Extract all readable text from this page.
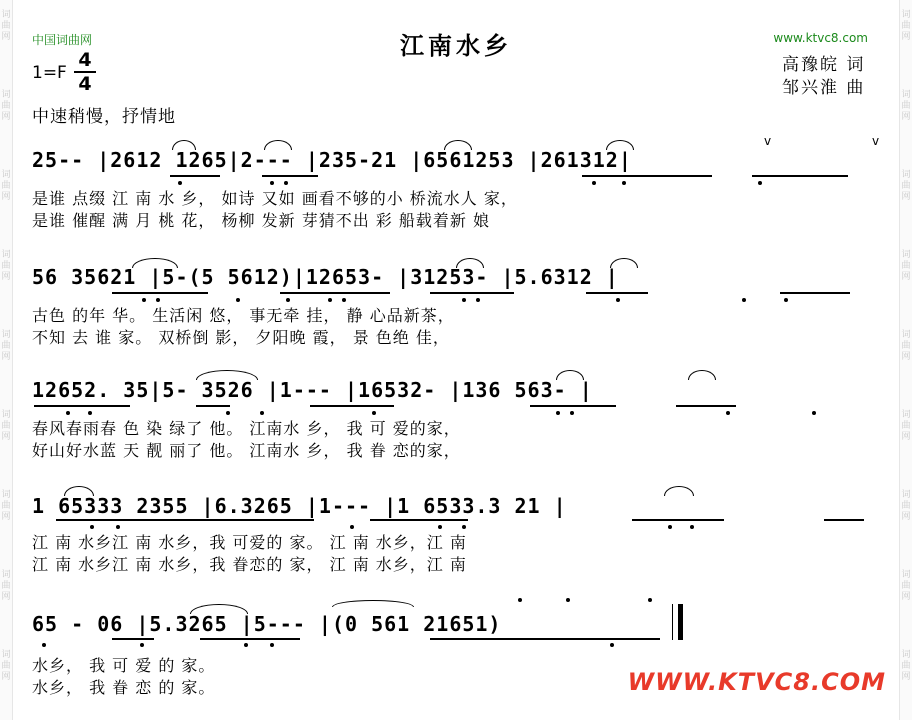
词
曲
网
词
曲
网
词
曲
网
词
曲
网
词
曲
网
词
曲
网
词
曲
网
词
曲
网
词
曲
网
词
曲
网
词
曲
网
词
曲
网
词
曲
网
词
曲
网
词
曲
网
词
曲
网
词
曲
网
词
曲
网
中国词曲网	www.ktvc8.com
江南水乡
1=F
4
4
高豫皖 词
邹兴淮 曲
中速稍慢，抒情地
25-- |2612 1265|2--- |235-21 |6561253 |261312|
是谁 点缀 江 南 水 乡， 如诗 又如 画看不够的小 桥流水人 家，
是谁 催醒 满 月 桃 花， 杨柳 发新 芽猜不出 彩 船载着新 娘
56 35621 |5-(5 5612)|12653- |31253- |5.6312 |
古色 的年 华。 生活闲 悠， 事无牵 挂， 静 心品新茶，
不知 去 谁 家。 双桥倒 影， 夕阳晚 霞， 景 色绝 佳，
12652. 35|5- 3526 |1--- |16532- |136 563- |
春风春雨春 色 染 绿了 他。 江南水 乡， 我 可 爱的家，
好山好水蓝 天 靓 丽了 他。 江南水 乡， 我 眷 恋的家，
1 65333 2355 |6.3265 |1--- |1 6533.3 21 |
江 南 水乡江 南 水乡，我 可爱的 家。 江 南 水乡，江 南
江 南 水乡江 南 水乡，我 眷恋的 家， 江 南 水乡，江 南
65 - 06 |5.3265 |5--- |(0 561 21651)
水乡， 我 可 爱 的 家。
水乡， 我 眷 恋 的 家。
v	v
WWW.KTVC8.COM
